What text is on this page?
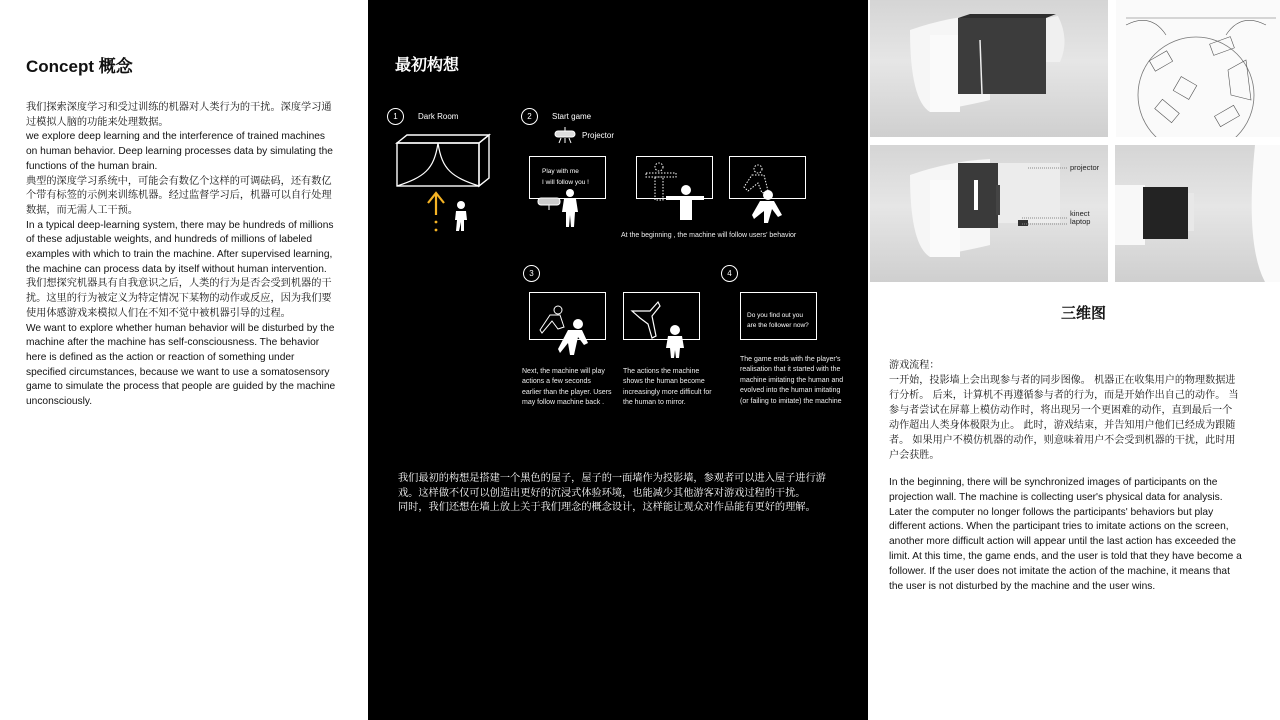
Concept 概念

我们探索深度学习和受过训练的机器对人类行为的干扰。深度学习通过模拟人脑的功能来处理数据。

we explore deep learning and the interference of trained machines on human behavior. Deep learning processes data by simulating the functions of the human brain.

典型的深度学习系统中，可能会有数亿个这样的可调砝码，还有数亿个带有标签的示例来训练机器。经过监督学习后，机器可以自行处理数据，而无需人工干预。

In a typical deep-learning system, there may be hundreds of millions of these adjustable weights, and hundreds of millions of labeled examples with which to train the machine. After supervised learning, the machine can process data by itself without human intervention.

我们想探究机器具有自我意识之后，人类的行为是否会受到机器的干扰。这里的行为被定义为特定情况下某物的动作或反应，因为我们要使用体感游戏来模拟人们在不知不觉中被机器引导的过程。

We want to explore whether human behavior will be disturbed by the machine after the machine has self-consciousness. The behavior here is defined as the action or reaction of something under specified circumstances, because we want to use a somatosensory game to simulate the process that people are guided by the machine unconsciously.

最初构想
1	Dark Room	2	Start game
Projector
Play with me
I will follow you !
At the beginning , the machine will follow users' behavior
3
Next, the machine will play actions a few seconds earlier than the player. Users may follow machine back .
The actions the machine shows the human become increasingly more difficult for the human to mirror.
4
Do you find out you
are the follower now?
The game ends with the player's realisation that it started with the machine imitating the human and evolved into the human imitating (or failing to imitate) the machine

我们最初的构想是搭建一个黑色的屋子，屋子的一面墙作为投影墙，参观者可以进入屋子进行游戏。这样做不仅可以创造出更好的沉浸式体验环境，也能减少其他游客对游戏过程的干扰。

同时，我们还想在墙上放上关于我们理念的概念设计，这样能让观众对作品能有更好的理解。

projector
kinect
laptop
三维图
游戏流程：
一开始，投影墙上会出现参与者的同步图像。 机器正在收集用户的物理数据进行分析。 后来，计算机不再遵循参与者的行为，而是开始作出自己的动作。 当参与者尝试在屏幕上模仿动作时，将出现另一个更困难的动作，直到最后一个动作超出人类身体极限为止。 此时，游戏结束，并告知用户他们已经成为跟随者。 如果用户不模仿机器的动作，则意味着用户不会受到机器的干扰，此时用户会获胜。
In the beginning, there will be synchronized images of participants on the projection wall. The machine is collecting user's physical data for analysis. Later the computer no longer follows the participants' behaviors but play different actions. When the participant tries to imitate actions on the screen, another more difficult action will appear until the last action has exceeded the limit. At this time, the game ends, and the user is told that they have become a follower. If the user does not imitate the action of the machine, it means that the user is not disturbed by the machine and the user wins.
